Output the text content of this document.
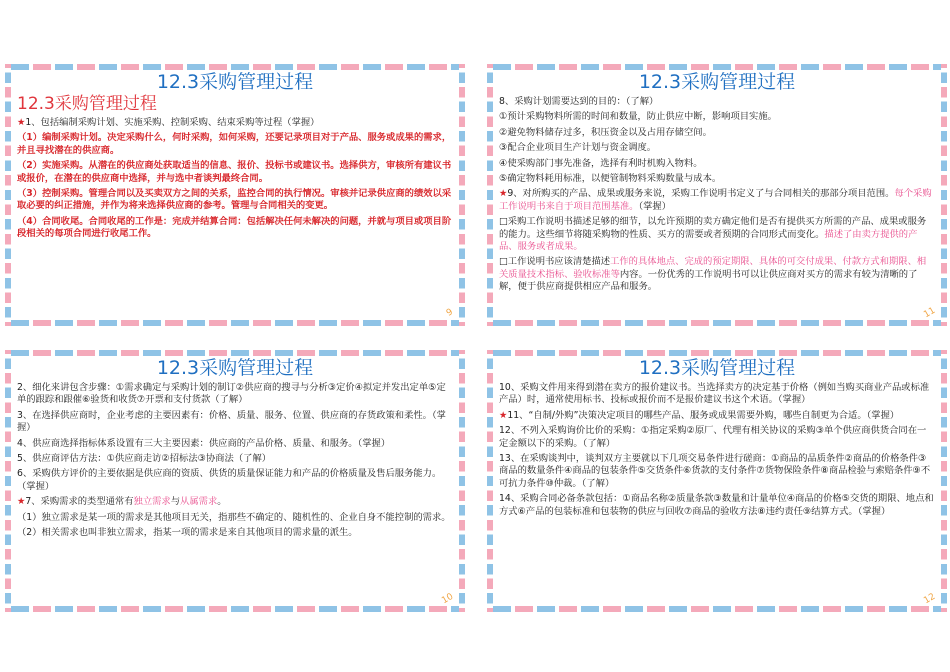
12.3采购管理过程
12.3采购管理过程

★1、包括编制采购计划、实施采购、控制采购、结束采购等过程（掌握）

（1）编制采购计划。决定采购什么，何时采购，如何采购，还要记录项目对于产品、服务或成果的需求，并且寻找潜在的供应商。

（2）实施采购。从潜在的供应商处获取适当的信息、报价、投标书或建议书。选择供方，审核所有建议书或报价，在潜在的供应商中选择，并与选中者谈判最终合同。

（3）控制采购。管理合同以及买卖双方之间的关系，监控合同的执行情况。审核并记录供应商的绩效以采取必要的纠正措施，并作为将来选择供应商的参考。管理与合同相关的变更。

（4）合同收尾。合同收尾的工作是：完成并结算合同：包括解决任何未解决的问题，并就与项目或项目阶段相关的每项合同进行收尾工作。

9
12.3采购管理过程

8、采购计划需要达到的目的：（了解）

①预计采购物料所需的时间和数量，防止供应中断，影响项目实施。

②避免物料储存过多，积压资金以及占用存储空间。

③配合企业项目生产计划与资金调度。

④使采购部门事先准备，选择有利时机购入物料。

⑤确定物料耗用标准，以便管制物料采购数量与成本。

★9、对所购买的产品、成果或服务来说，采购工作说明书定义了与合同相关的那部分项目范围。每个采购工作说明书来自于项目范围基准。（掌握）

□采购工作说明书描述足够的细节，以允许预期的卖方确定他们是否有提供买方所需的产品、成果或服务的能力。这些细节将随采购物的性质、买方的需要或者预期的合同形式而变化。描述了由卖方提供的产品、服务或者成果。

□工作说明书应该清楚描述工作的具体地点、完成的预定期限、具体的可交付成果、付款方式和期限、相关质量技术指标、验收标准等内容。一份优秀的工作说明书可以让供应商对买方的需求有较为清晰的了解，便于供应商提供相应产品和服务。

11
12.3采购管理过程

2、细化来讲包含步骤：①需求确定与采购计划的制订②供应商的搜寻与分析③定价④拟定并发出定单⑤定单的跟踪和跟催⑥验货和收货⑦开票和支付货款（了解）

3、在选择供应商时，企业考虑的主要因素有：价格、质量、服务、位置、供应商的存货政策和柔性。（掌握）

4、供应商选择指标体系设置有三大主要因素：供应商的产品价格、质量、和服务。（掌握）

5、供应商评估方法：①供应商走访②招标法③协商法（了解）

6、采购供方评价的主要依据是供应商的资质、供货的质量保证能力和产品的价格质量及售后服务能力。（掌握）

★7、采购需求的类型通常有独立需求与从属需求。

（1）独立需求是某一项的需求是其他项目无关，指那些不确定的、随机性的、企业自身不能控制的需求。

（2）相关需求也叫非独立需求，指某一项的需求是来自其他项目的需求量的派生。

10
12.3采购管理过程

10、采购文件用来得到潜在卖方的报价建议书。当选择卖方的决定基于价格（例如当购买商业产品或标准产品）时，通常使用标书、投标或报价而不是报价建议书这个术语。（掌握）

★11、“自制/外购”决策决定项目的哪些产品、服务或成果需要外购，哪些自制更为合适。（掌握）

12、不列入采购询价比价的采购：①指定采购②原厂、代理有相关协议的采购③单个供应商供货合同在一定金额以下的采购。（了解）

13、在采购谈判中，谈判双方主要就以下几项交易条件进行磋商：①商品的品质条件②商品的价格条件③商品的数量条件④商品的包装条件⑤交货条件⑥货款的支付条件⑦货物保险条件⑧商品检验与索赔条件⑨不可抗力条件⑩仲裁。（了解）

14、采购合同必备条款包括：①商品名称②质量条款③数量和计量单位④商品的价格⑤交货的期限、地点和方式⑥产品的包装标准和包装物的供应与回收⑦商品的验收方法⑧违约责任⑨结算方式。（掌握）

12
